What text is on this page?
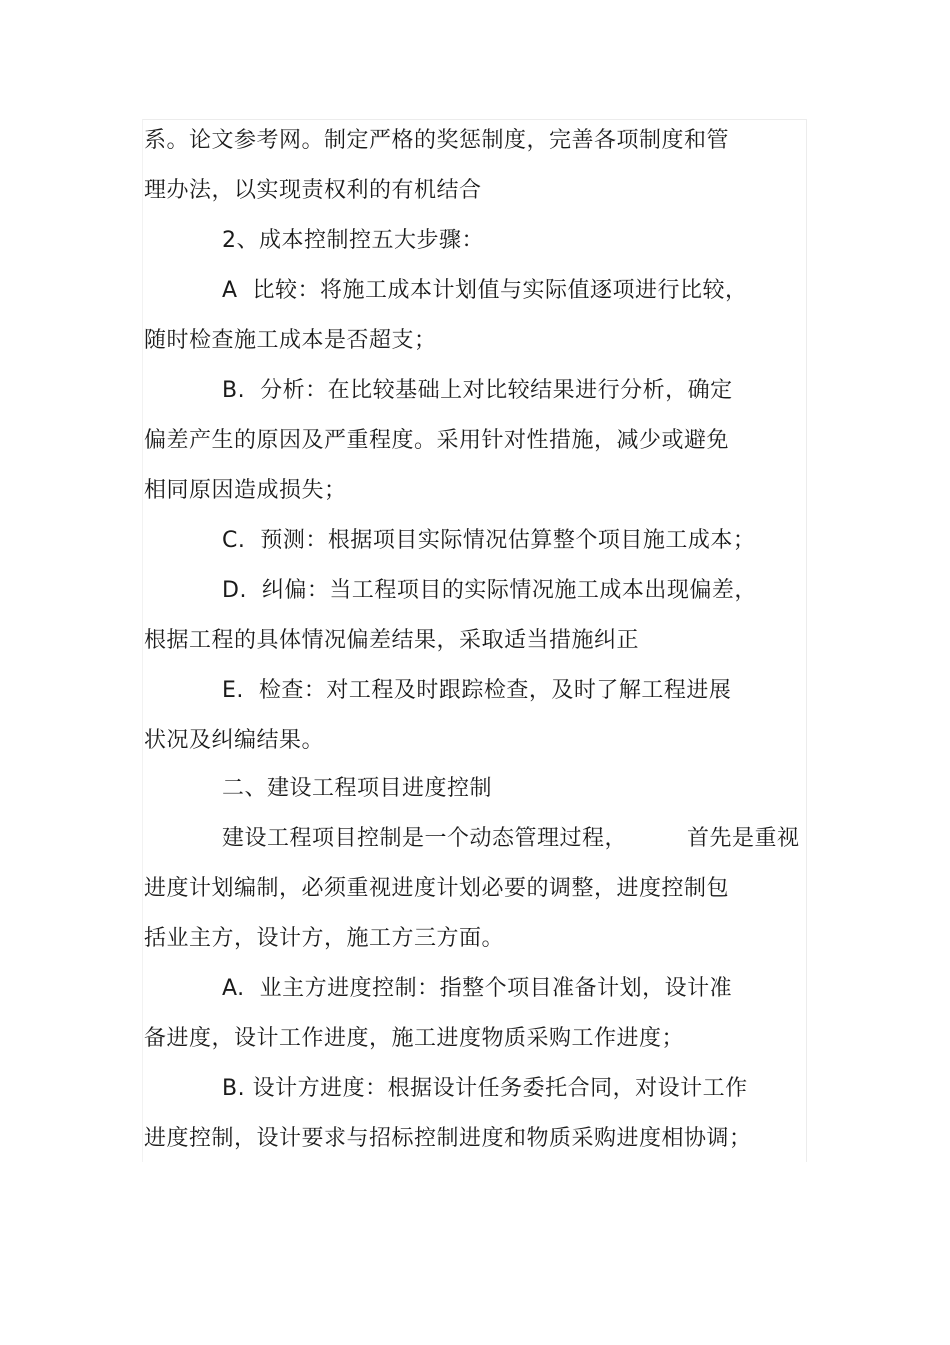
系。论文参考网。制定严格的奖惩制度，完善各项制度和管
理办法，以实现责权利的有机结合
2、成本控制控五大步骤：
A  比较：将施工成本计划值与实际值逐项进行比较，
随时检查施工成本是否超支；
B.  分析：在比较基础上对比较结果进行分析，确定
偏差产生的原因及严重程度。采用针对性措施，减少或避免
相同原因造成损失；
C.  预测：根据项目实际情况估算整个项目施工成本；
D.  纠偏：当工程项目的实际情况施工成本出现偏差，
根据工程的具体情况偏差结果，采取适当措施纠正
E.  检查：对工程及时跟踪检查，及时了解工程进展
状况及纠编结果。
二、建设工程项目进度控制
建设工程项目控制是一个动态管理过程，        首先是重视
进度计划编制，必须重视进度计划必要的调整，进度控制包
括业主方，设计方，施工方三方面。
A.  业主方进度控制：指整个项目准备计划，设计准
备进度，设计工作进度，施工进度物质采购工作进度；
B. 设计方进度：根据设计任务委托合同，对设计工作
进度控制，设计要求与招标控制进度和物质采购进度相协调；
